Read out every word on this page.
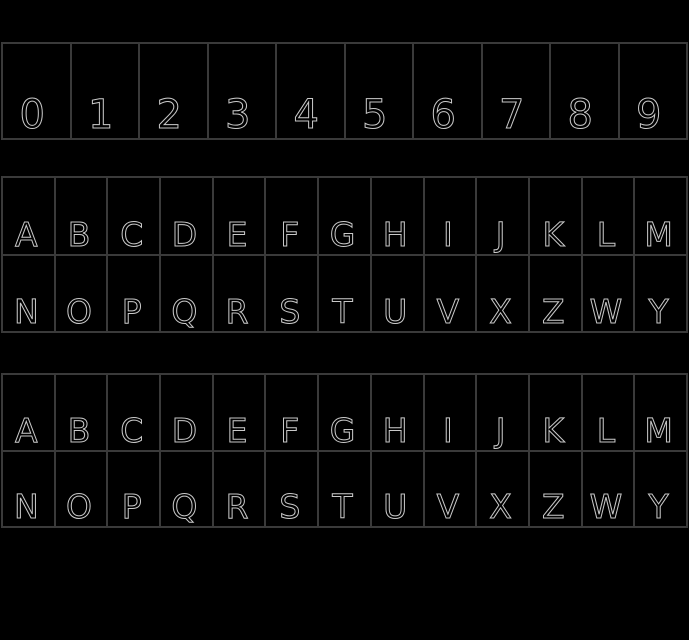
0 1 2 3 4 5 6 7 8 9
A B C D E F G H I J K L M
N O P Q R S T U V X Z W Y
A B C D E F G H I J K L M
N O P Q R S T U V X Z W Y
